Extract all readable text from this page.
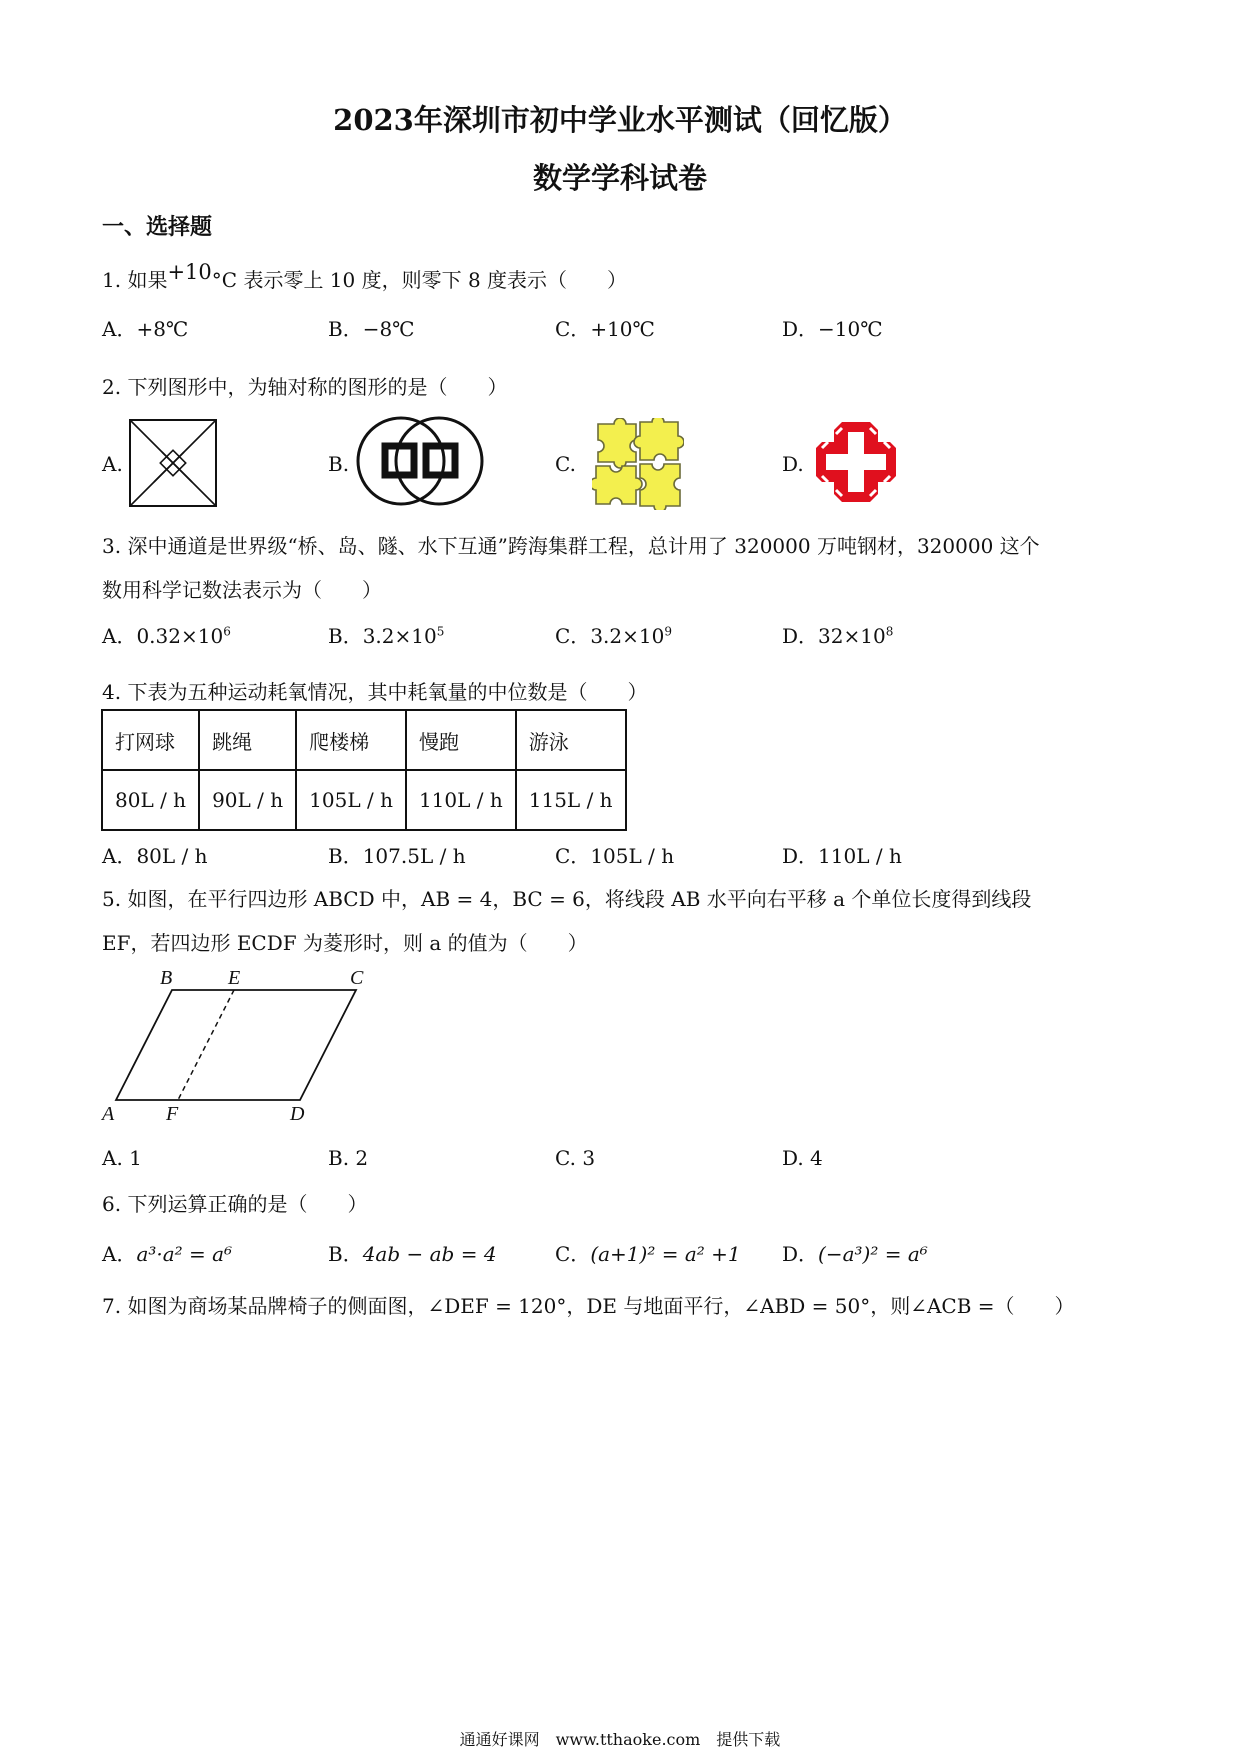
2023年深圳市初中学业水平测试（回忆版）
数学学科试卷
一、选择题
1. 如果+10°C 表示零上 10 度，则零下 8 度表示（　　）
A．+8℃	B．−8℃	C．+10℃	D．−10℃
2. 下列图形中，为轴对称的图形的是（　　）
A.	B.	C.	D.
3. 深中通道是世界级“桥、岛、隧、水下互通”跨海集群工程，总计用了 320000 万吨钢材，320000 这个
数用科学记数法表示为（　　）
A．$0.32\times 10^6$	B．$3.2\times 10^5$	C．$3.2\times 10^9$	D．$32\times 10^8$
4. 下表为五种运动耗氧情况，其中耗氧量的中位数是（　　）
打网球	跳绳	爬楼梯	慢跑	游泳
80L / h	90L / h	105L / h	110L / h	115L / h
A．80L / h	B．107.5L / h	C．105L / h	D．110L / h
5. 如图，在平行四边形 ABCD 中，AB = 4，BC = 6，将线段 AB 水平向右平移 a 个单位长度得到线段
EF，若四边形 ECDF 为菱形时，则 a 的值为（　　）
B	E	C
A	F	D
A. 1	B. 2	C. 3	D. 4
6. 下列运算正确的是（　　）
A．a³·a² = a⁶	B．4ab − ab = 4	C．(a+1)² = a² +1 D．(−a³)² = a⁶
7. 如图为商场某品牌椅子的侧面图，∠DEF = 120°，DE 与地面平行，∠ABD = 50°，则∠ACB =（　　）
通通好课网　www.tthaoke.com　提供下载
